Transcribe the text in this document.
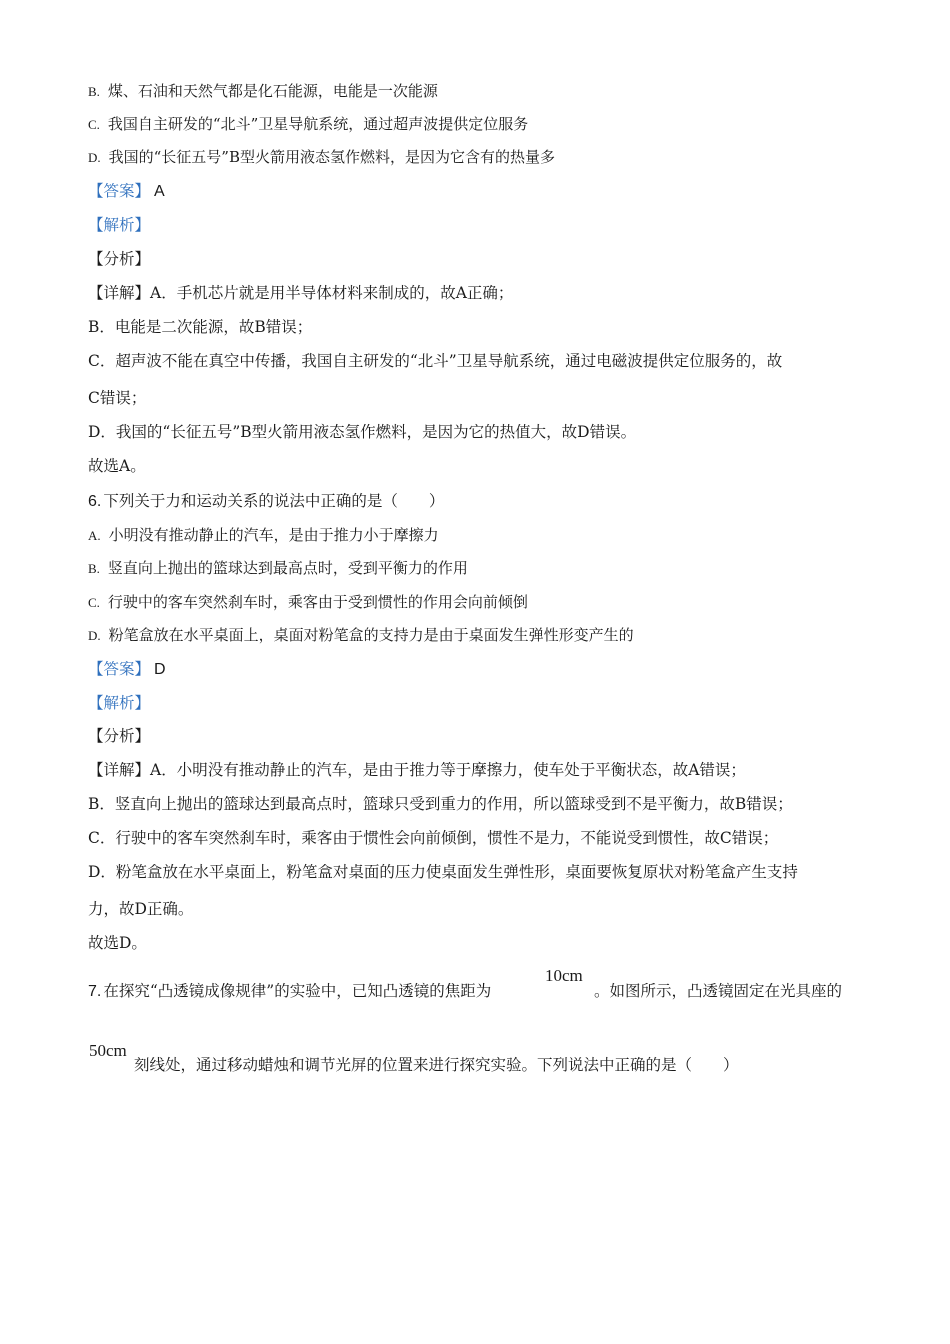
B. 煤、石油和天然气都是化石能源，电能是一次能源
C. 我国自主研发的“北斗”卫星导航系统，通过超声波提供定位服务
D. 我国的“长征五号”B型火箭用液态氢作燃料，是因为它含有的热量多
【答案】 A
【解析】
【分析】
【详解】A．手机芯片就是用半导体材料来制成的，故A正确；
B．电能是二次能源，故B错误；
C．超声波不能在真空中传播，我国自主研发的“北斗”卫星导航系统，通过电磁波提供定位服务的，故
C错误；
D．我国的“长征五号”B型火箭用液态氢作燃料，是因为它的热值大，故D错误。
故选A。
6. 下列关于力和运动关系的说法中正确的是（　　）
A. 小明没有推动静止的汽车，是由于推力小于摩擦力
B. 竖直向上抛出的篮球达到最高点时，受到平衡力的作用
C. 行驶中的客车突然刹车时，乘客由于受到惯性的作用会向前倾倒
D. 粉笔盒放在水平桌面上，桌面对粉笔盒的支持力是由于桌面发生弹性形变产生的
【答案】 D
【解析】
【分析】
【详解】A．小明没有推动静止的汽车，是由于推力等于摩擦力，使车处于平衡状态，故A错误；
B．竖直向上抛出的篮球达到最高点时，篮球只受到重力的作用，所以篮球受到不是平衡力，故B错误；
C．行驶中的客车突然刹车时，乘客由于惯性会向前倾倒，惯性不是力，不能说受到惯性，故C错误；
D．粉笔盒放在水平桌面上，粉笔盒对桌面的压力使桌面发生弹性形，桌面要恢复原状对粉笔盒产生支持
力，故D正确。
故选D。
7. 在探究“凸透镜成像规律”的实验中，已知凸透镜的焦距为
10cm
。如图所示，凸透镜固定在光具座的
50cm
刻线处，通过移动蜡烛和调节光屏的位置来进行探究实验。下列说法中正确的是（　　）
